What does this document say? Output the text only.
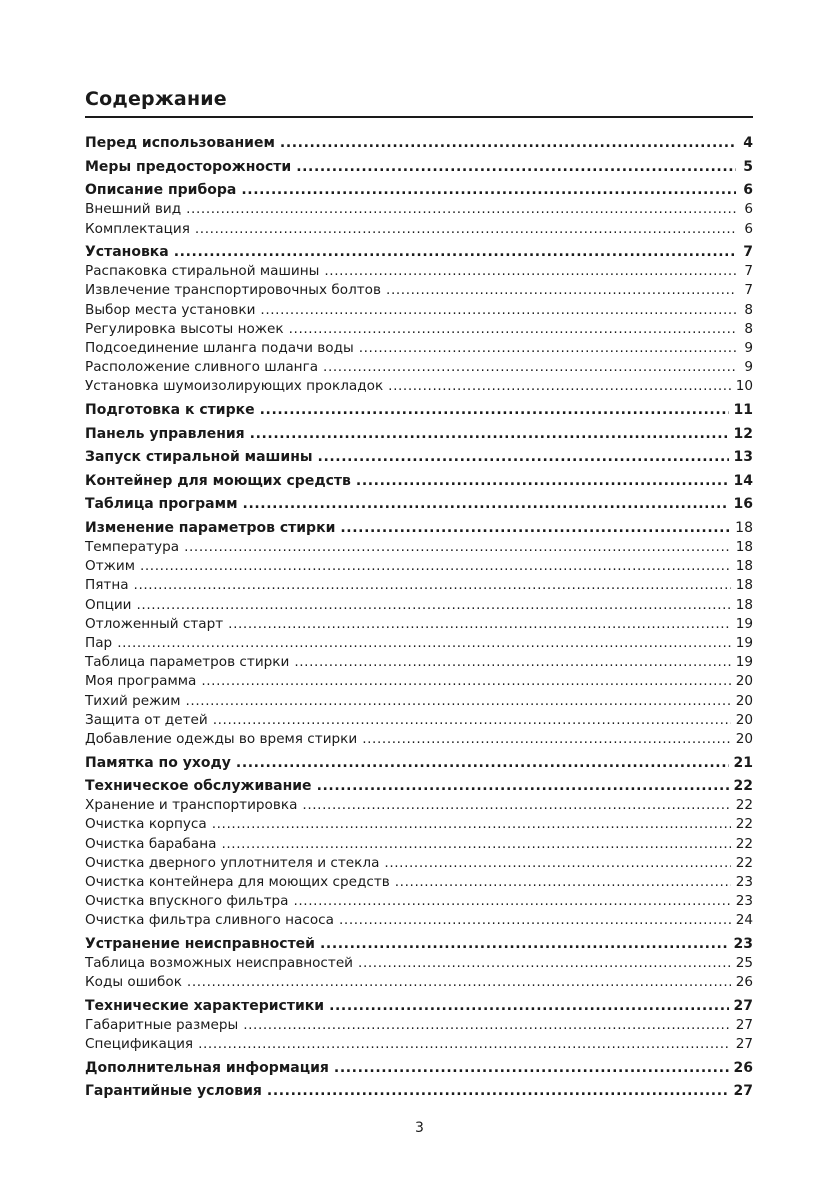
Содержание
Перед использованием .....	4
Меры предосторожности .....	5
Описание прибора .....	6
Внешний вид .....	6
Комплектация .....	6
Установка .....	7
Распаковка стиральной машины .....	7
Извлечение транспортировочных болтов .....	7
Выбор места установки .....	8
Регулировка высоты ножек .....	8
Подсоединение шланга подачи воды .....	9
Расположение сливного шланга .....	9
Установка шумоизолирующих прокладок .....	10
Подготовка к стирке .....	11
Панель управления .....	12
Запуск стиральной машины .....	13
Контейнер для моющих средств .....	14
Таблица программ .....	16
Изменение параметров стирки .....	18
Температура .....	18
Отжим .....	18
Пятна .....	18
Опции .....	18
Отложенный старт .....	19
Пар .....	19
Таблица параметров стирки .....	19
Моя программа .....	20
Тихий режим .....	20
Защита от детей .....	20
Добавление одежды во время стирки .....	20
Памятка по уходу .....	21
Техническое обслуживание .....	22
Хранение и транспортировка .....	22
Очистка корпуса .....	22
Очистка барабана .....	22
Очистка дверного уплотнителя и стекла .....	22
Очистка контейнера для моющих средств .....	23
Очистка впускного фильтра .....	23
Очистка фильтра сливного насоса .....	24
Устранение неисправностей .....	23
Таблица возможных неисправностей .....	25
Коды ошибок .....	26
Технические характеристики .....	27
Габаритные размеры .....	27
Спецификация .....	27
Дополнительная информация .....	26
Гарантийные условия .....	27
3
